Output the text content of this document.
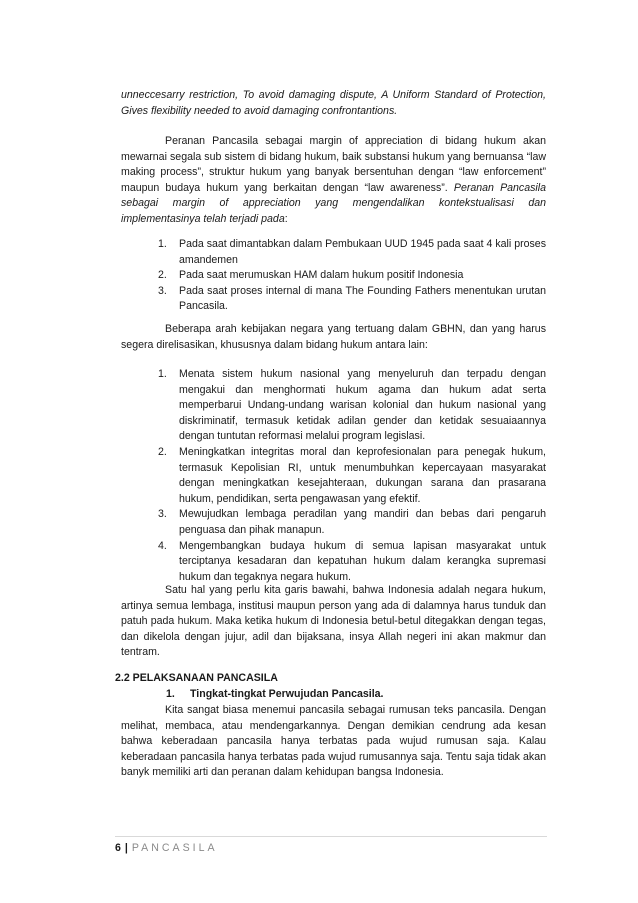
unneccesarry restriction, To avoid damaging dispute, A Uniform Standard of Protection, Gives flexibility needed to avoid damaging confrontantions.

Peranan Pancasila sebagai margin of appreciation di bidang hukum akan mewarnai segala sub sistem di bidang hukum, baik substansi hukum yang bernuansa “law making process”, struktur hukum yang banyak bersentuhan dengan “law enforcement” maupun budaya hukum yang berkaitan dengan “law awareness”. Peranan Pancasila sebagai margin of appreciation yang mengendalikan kontekstualisasi dan implementasinya telah terjadi pada:

1. Pada saat dimantabkan dalam Pembukaan UUD 1945 pada saat 4 kali proses amandemen
2. Pada saat merumuskan HAM dalam hukum positif Indonesia
3. Pada saat proses internal di mana The Founding Fathers menentukan urutan Pancasila.

Beberapa arah kebijakan negara yang tertuang dalam GBHN, dan yang harus segera direlisasikan, khususnya dalam bidang hukum antara lain:

1. Menata sistem hukum nasional yang menyeluruh dan terpadu dengan mengakui dan menghormati hukum agama dan hukum adat serta memperbarui Undang-undang warisan kolonial dan hukum nasional yang diskriminatif, termasuk ketidak adilan gender dan ketidak sesuaiaannya dengan tuntutan reformasi melalui program legislasi.
2. Meningkatkan integritas moral dan keprofesionalan para penegak hukum, termasuk Kepolisian RI, untuk menumbuhkan kepercayaan masyarakat dengan meningkatkan kesejahteraan, dukungan sarana dan prasarana hukum, pendidikan, serta pengawasan yang efektif.
3. Mewujudkan lembaga peradilan yang mandiri dan bebas dari pengaruh penguasa dan pihak manapun.
4. Mengembangkan budaya hukum di semua lapisan masyarakat untuk terciptanya kesadaran dan kepatuhan hukum dalam kerangka supremasi hukum dan tegaknya negara hukum.

Satu hal yang perlu kita garis bawahi, bahwa Indonesia adalah negara hukum, artinya semua lembaga, institusi maupun person yang ada di dalamnya harus tunduk dan patuh pada hukum. Maka ketika hukum di Indonesia betul-betul ditegakkan dengan tegas, dan dikelola dengan jujur, adil dan bijaksana, insya Allah negeri ini akan makmur dan tentram.

2.2 PELAKSANAAN PANCASILA
1. Tingkat-tingkat Perwujudan Pancasila.

Kita sangat biasa menemui pancasila sebagai rumusan teks pancasila. Dengan melihat, membaca, atau mendengarkannya. Dengan demikian cendrung ada kesan bahwa keberadaan pancasila hanya terbatas pada wujud rumusan saja. Kalau keberadaan pancasila hanya terbatas pada wujud rumusannya saja. Tentu saja tidak akan banyk memiliki arti dan peranan dalam kehidupan bangsa Indonesia.

6 | PANCASILA
